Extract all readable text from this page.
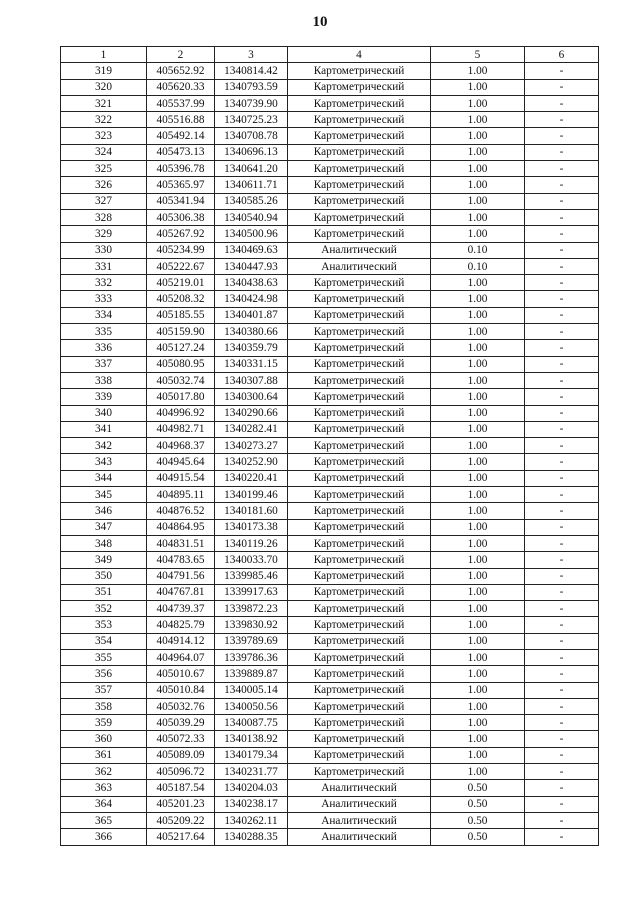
10
1	2	3	4	5	6
319	405652.92	1340814.42	Картометрический	1.00	-
320	405620.33	1340793.59	Картометрический	1.00	-
321	405537.99	1340739.90	Картометрический	1.00	-
322	405516.88	1340725.23	Картометрический	1.00	-
323	405492.14	1340708.78	Картометрический	1.00	-
324	405473.13	1340696.13	Картометрический	1.00	-
325	405396.78	1340641.20	Картометрический	1.00	-
326	405365.97	1340611.71	Картометрический	1.00	-
327	405341.94	1340585.26	Картометрический	1.00	-
328	405306.38	1340540.94	Картометрический	1.00	-
329	405267.92	1340500.96	Картометрический	1.00	-
330	405234.99	1340469.63	Аналитический	0.10	-
331	405222.67	1340447.93	Аналитический	0.10	-
332	405219.01	1340438.63	Картометрический	1.00	-
333	405208.32	1340424.98	Картометрический	1.00	-
334	405185.55	1340401.87	Картометрический	1.00	-
335	405159.90	1340380.66	Картометрический	1.00	-
336	405127.24	1340359.79	Картометрический	1.00	-
337	405080.95	1340331.15	Картометрический	1.00	-
338	405032.74	1340307.88	Картометрический	1.00	-
339	405017.80	1340300.64	Картометрический	1.00	-
340	404996.92	1340290.66	Картометрический	1.00	-
341	404982.71	1340282.41	Картометрический	1.00	-
342	404968.37	1340273.27	Картометрический	1.00	-
343	404945.64	1340252.90	Картометрический	1.00	-
344	404915.54	1340220.41	Картометрический	1.00	-
345	404895.11	1340199.46	Картометрический	1.00	-
346	404876.52	1340181.60	Картометрический	1.00	-
347	404864.95	1340173.38	Картометрический	1.00	-
348	404831.51	1340119.26	Картометрический	1.00	-
349	404783.65	1340033.70	Картометрический	1.00	-
350	404791.56	1339985.46	Картометрический	1.00	-
351	404767.81	1339917.63	Картометрический	1.00	-
352	404739.37	1339872.23	Картометрический	1.00	-
353	404825.79	1339830.92	Картометрический	1.00	-
354	404914.12	1339789.69	Картометрический	1.00	-
355	404964.07	1339786.36	Картометрический	1.00	-
356	405010.67	1339889.87	Картометрический	1.00	-
357	405010.84	1340005.14	Картометрический	1.00	-
358	405032.76	1340050.56	Картометрический	1.00	-
359	405039.29	1340087.75	Картометрический	1.00	-
360	405072.33	1340138.92	Картометрический	1.00	-
361	405089.09	1340179.34	Картометрический	1.00	-
362	405096.72	1340231.77	Картометрический	1.00	-
363	405187.54	1340204.03	Аналитический	0.50	-
364	405201.23	1340238.17	Аналитический	0.50	-
365	405209.22	1340262.11	Аналитический	0.50	-
366	405217.64	1340288.35	Аналитический	0.50	-
